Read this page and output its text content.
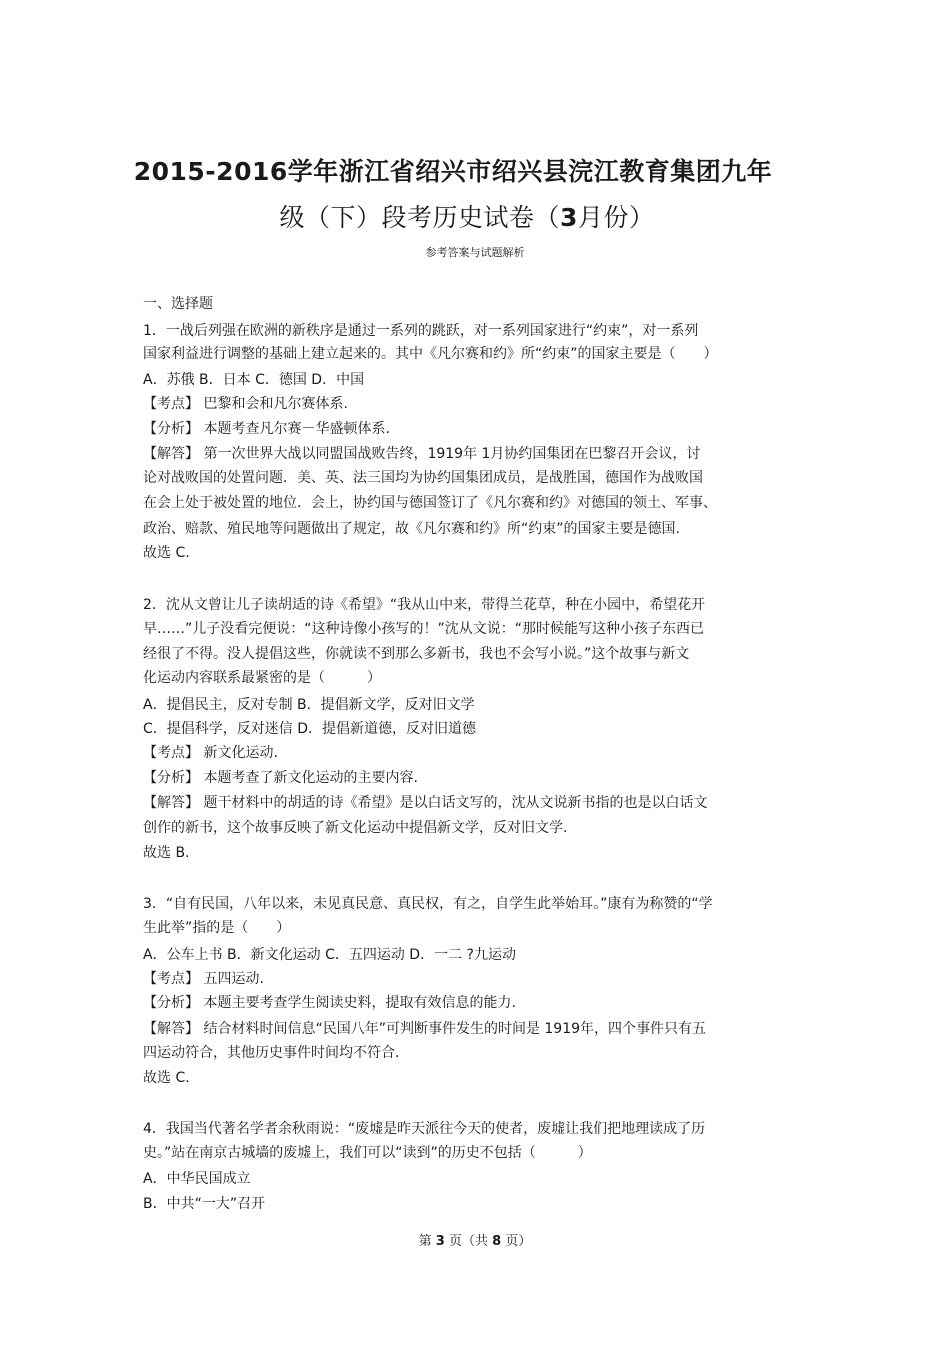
2015-2016学年浙江省绍兴市绍兴县浣江教育集团九年
级（下）段考历史试卷（3月份）
参考答案与试题解析
一、选择题
1．一战后列强在欧洲的新秩序是通过一系列的跳跃，对一系列国家进行“约束”，对一系列
国家利益进行调整的基础上建立起来的。其中《凡尔赛和约》所“约束”的国家主要是（　　）
A．苏俄 B．日本 C．德国 D．中国
【考点】 巴黎和会和凡尔赛体系.
【分析】 本题考查凡尔赛－华盛顿体系.
【解答】 第一次世界大战以同盟国战败告终，1919年 1月协约国集团在巴黎召开会议，讨
论对战败国的处置问题．美、英、法三国均为协约国集团成员，是战胜国，德国作为战败国
在会上处于被处置的地位．会上，协约国与德国签订了《凡尔赛和约》对德国的领土、军事、
政治、赔款、殖民地等问题做出了规定，故《凡尔赛和约》所“约束”的国家主要是德国.
故选 C.
2．沈从文曾让儿子读胡适的诗《希望》“我从山中来，带得兰花草，种在小园中，希望花开
早……”儿子没看完便说：“这种诗像小孩写的！”沈从文说：“那时候能写这种小孩子东西已
经很了不得。没人提倡这些，你就读不到那么多新书，我也不会写小说。”这个故事与新文
化运动内容联系最紧密的是（　　　）
A．提倡民主，反对专制 B．提倡新文学，反对旧文学
C．提倡科学，反对迷信 D．提倡新道德，反对旧道德
【考点】 新文化运动.
【分析】 本题考查了新文化运动的主要内容.
【解答】 题干材料中的胡适的诗《希望》是以白话文写的，沈从文说新书指的也是以白话文
创作的新书，这个故事反映了新文化运动中提倡新文学，反对旧文学.
故选 B.
3．“自有民国，八年以来，未见真民意、真民权，有之，自学生此举始耳。”康有为称赞的“学
生此举”指的是（　　）
A．公车上书 B．新文化运动 C．五四运动 D．一二 ?九运动
【考点】 五四运动.
【分析】 本题主要考查学生阅读史料，提取有效信息的能力.
【解答】 结合材料时间信息“民国八年”可判断事件发生的时间是 1919年，四个事件只有五
四运动符合，其他历史事件时间均不符合.
故选 C.
4．我国当代著名学者余秋雨说：“废墟是昨天派往今天的使者，废墟让我们把地理读成了历
史。”站在南京古城墙的废墟上，我们可以“读到”的历史不包括（　　　）
A．中华民国成立
B．中共“一大”召开
第 3 页（共 8 页）
